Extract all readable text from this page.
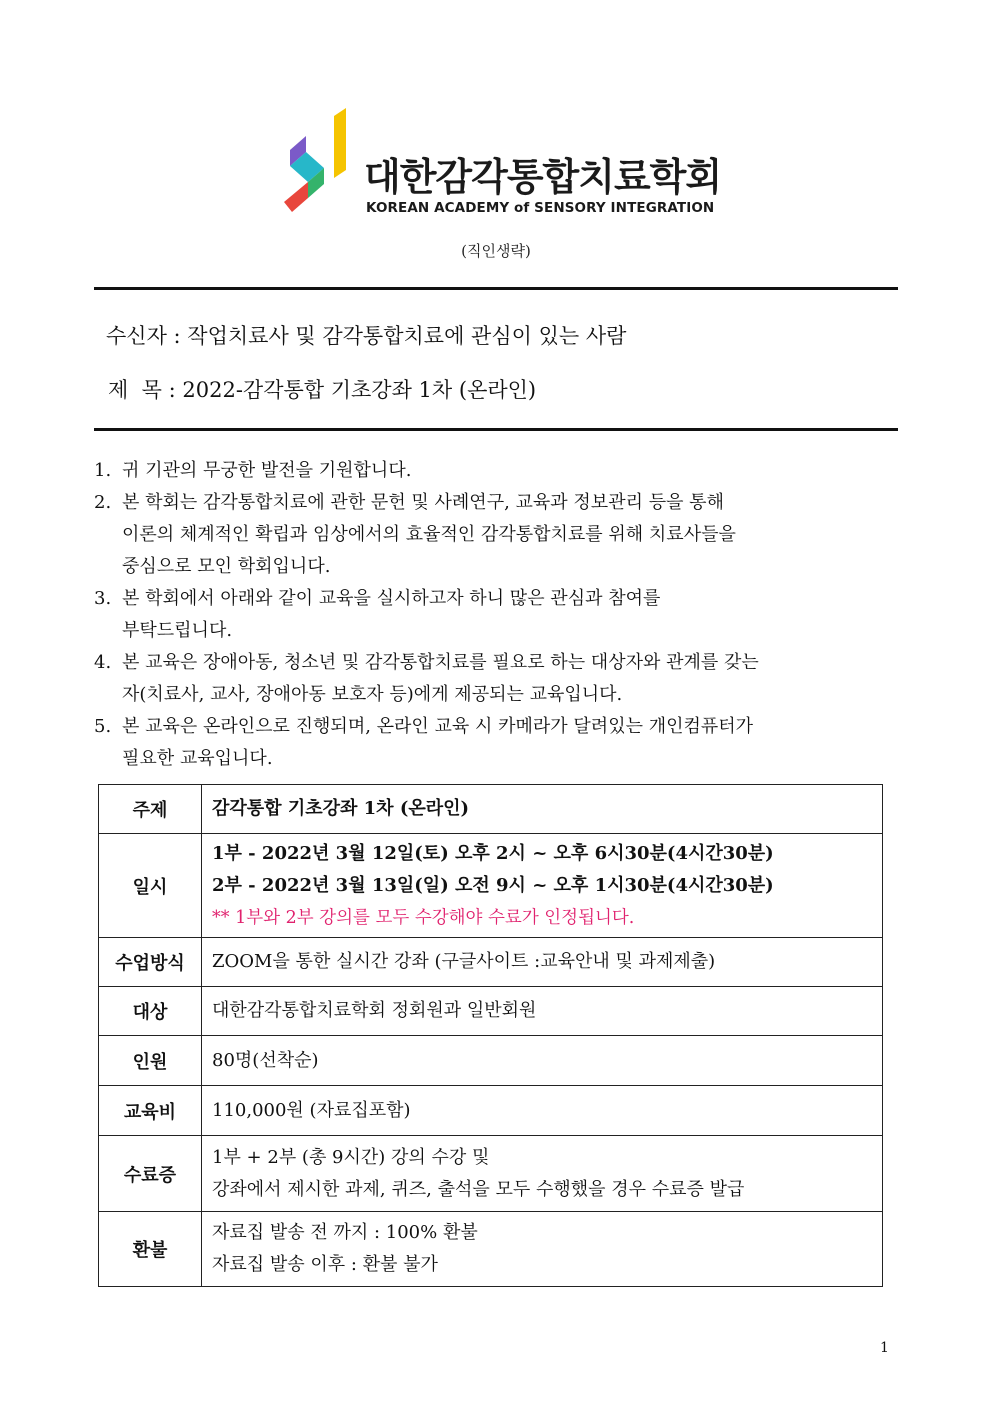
대한감각통합치료학회
KOREAN ACADEMY of SENSORY INTEGRATION
(직인생략)
수신자 : 작업치료사 및 감각통합치료에 관심이 있는 사람
제  목 : 2022-감각통합 기초강좌 1차 (온라인)
1. 귀 기관의 무궁한 발전을 기원합니다.
2. 본 학회는 감각통합치료에 관한 문헌 및 사례연구, 교육과 정보관리 등을 통해
이론의 체계적인 확립과 임상에서의 효율적인 감각통합치료를 위해 치료사들을
중심으로 모인 학회입니다.
3. 본 학회에서 아래와 같이 교육을 실시하고자 하니 많은 관심과 참여를
부탁드립니다.
4. 본 교육은 장애아동, 청소년 및 감각통합치료를 필요로 하는 대상자와 관계를 갖는
자(치료사, 교사, 장애아동 보호자 등)에게 제공되는 교육입니다.
5. 본 교육은 온라인으로 진행되며, 온라인 교육 시 카메라가 달려있는 개인컴퓨터가
필요한 교육입니다.
주제	감각통합 기초강좌 1차 (온라인)
일시	1부 - 2022년 3월 12일(토) 오후 2시 ~ 오후 6시30분(4시간30분)
2부 - 2022년 3월 13일(일) 오전 9시 ~ 오후 1시30분(4시간30분)
** 1부와 2부 강의를 모두 수강해야 수료가 인정됩니다.

수업방식	ZOOM을 통한 실시간 강좌 (구글사이트 :교육안내 및 과제제출)
대상	대한감각통합치료학회 정회원과 일반회원
인원	80명(선착순)
교육비	110,000원 (자료집포함)
수료증	1부 + 2부 (총 9시간) 강의 수강 및
강좌에서 제시한 과제, 퀴즈, 출석을 모두 수행했을 경우 수료증 발급

환불	자료집 발송 전 까지 : 100% 환불
자료집 발송 이후 : 환불 불가
1
